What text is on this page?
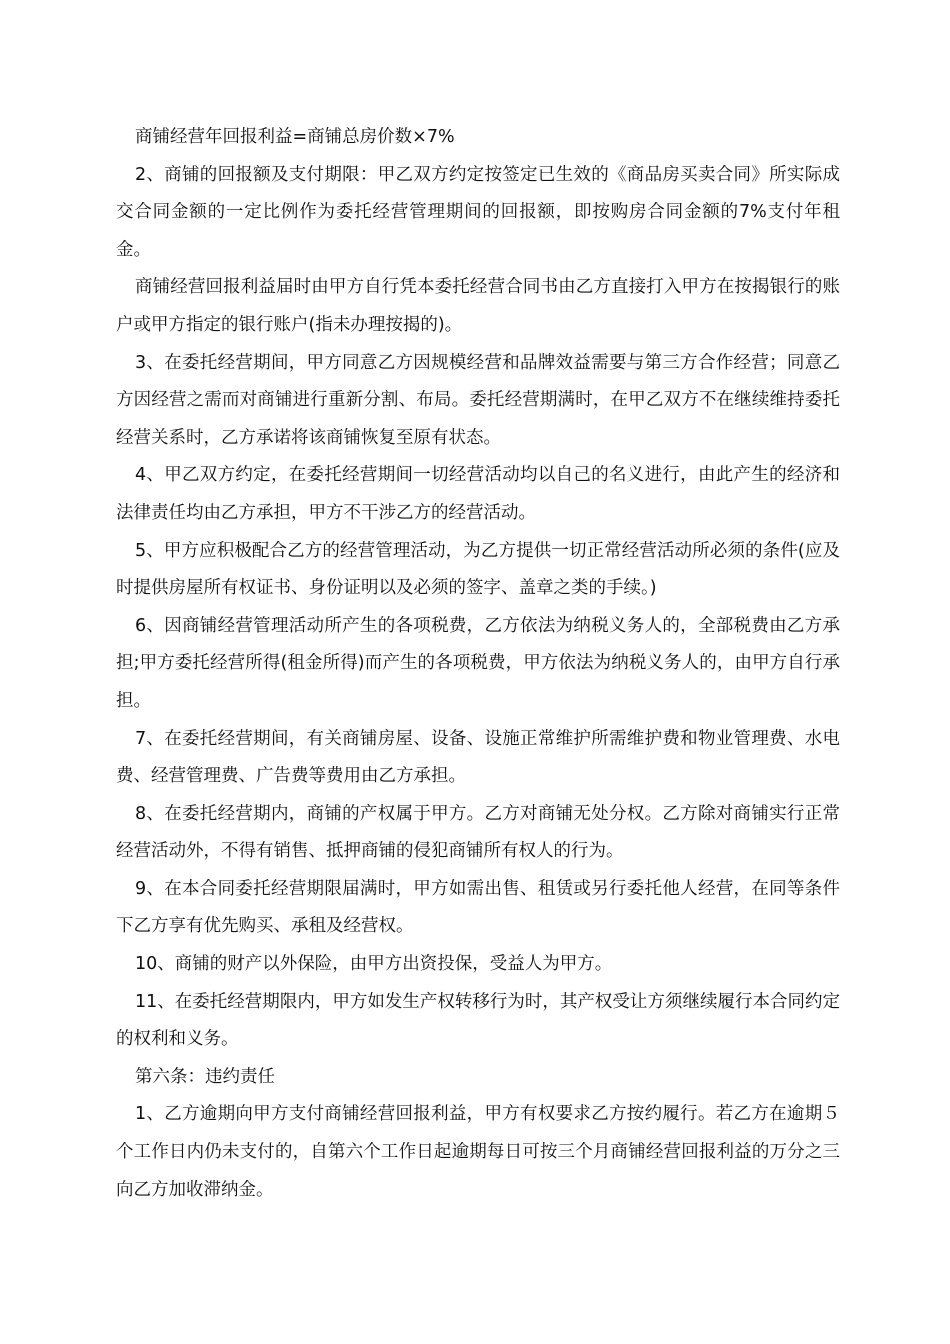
商铺经营年回报利益=商铺总房价数×7%

2、商铺的回报额及支付期限：甲乙双方约定按签定已生效的《商品房买卖合同》所实际成交合同金额的一定比例作为委托经营管理期间的回报额，即按购房合同金额的7%支付年租金。

商铺经营回报利益届时由甲方自行凭本委托经营合同书由乙方直接打入甲方在按揭银行的账户或甲方指定的银行账户(指未办理按揭的)。

3、在委托经营期间，甲方同意乙方因规模经营和品牌效益需要与第三方合作经营；同意乙方因经营之需而对商铺进行重新分割、布局。委托经营期满时，在甲乙双方不在继续维持委托经营关系时，乙方承诺将该商铺恢复至原有状态。

4、甲乙双方约定，在委托经营期间一切经营活动均以自己的名义进行，由此产生的经济和法律责任均由乙方承担，甲方不干涉乙方的经营活动。

5、甲方应积极配合乙方的经营管理活动，为乙方提供一切正常经营活动所必须的条件(应及时提供房屋所有权证书、身份证明以及必须的签字、盖章之类的手续。)

6、因商铺经营管理活动所产生的各项税费，乙方依法为纳税义务人的，全部税费由乙方承担;甲方委托经营所得(租金所得)而产生的各项税费，甲方依法为纳税义务人的，由甲方自行承担。

7、在委托经营期间，有关商铺房屋、设备、设施正常维护所需维护费和物业管理费、水电费、经营管理费、广告费等费用由乙方承担。

8、在委托经营期内，商铺的产权属于甲方。乙方对商铺无处分权。乙方除对商铺实行正常经营活动外，不得有销售、抵押商铺的侵犯商铺所有权人的行为。

9、在本合同委托经营期限届满时，甲方如需出售、租赁或另行委托他人经营，在同等条件下乙方享有优先购买、承租及经营权。

10、商铺的财产以外保险，由甲方出资投保，受益人为甲方。

11、在委托经营期限内，甲方如发生产权转移行为时，其产权受让方须继续履行本合同约定的权利和义务。

第六条：违约责任

1、乙方逾期向甲方支付商铺经营回报利益，甲方有权要求乙方按约履行。若乙方在逾期５个工作日内仍未支付的，自第六个工作日起逾期每日可按三个月商铺经营回报利益的万分之三向乙方加收滞纳金。
